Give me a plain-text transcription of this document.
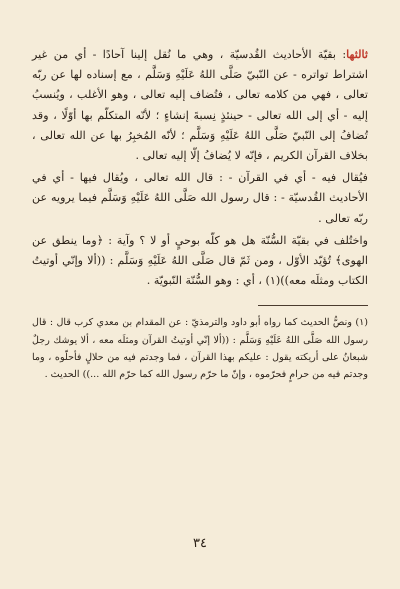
ثالثها: بقيّة الأحاديث القُدسيّة ، وهي ما نُقل إلينا آحادًا - أي من غير اشتراط تواتره - عن النّبيّ صَلَّى اللهُ عَلَيْهِ وَسَلَّم ، مع إسناده لها عن ربّه تعالى ، فهي من كلامه تعالى ، فتُضاف إليه تعالى ، وهو الأغلب ، ويُنسبُ إليه - أي إلى الله تعالى - حينئذٍ نِسبةَ إنشاءٍ ؛ لأنّه المتكلّم بها أوّلًا ، وقد تُضافُ إلى النّبيّ صَلَّى اللهُ عَلَيْهِ وَسَلَّم ؛ لأنّه المُخبِرُ بها عن الله تعالى ، بخلاف القرآن الكريم ، فإنّه لا يُضافُ إلّا إليه تعالى .

فيُقال فيه - أي في القرآن - : قال الله تعالى ، ويُقال فيها - أي في الأحاديث القُدسيّة - : قال رسول الله صَلَّى اللهُ عَلَيْهِ وَسَلَّم فيما يرويه عن ربّه تعالى .

واختُلف في بقيّة السُّنّة هل هو كلّه بوحيٍ أو لا ؟ وآية : ﴿وما ينطق عن الهوى﴾ تُؤيّد الأوّل ، ومن ثَمّ قال صَلَّى اللهُ عَلَيْهِ وَسَلَّم : ((ألا وإنّي أوتيتُ الكتاب ومثلَه معه))(١) ، أي : وهو السُّنّة النّبويّة .

(١) ونصُّ الحديث كما رواه أبو داود والترمذيّ : عن المقدام بن معدي كرب قال : قال رسول الله صَلَّى اللهُ عَلَيْهِ وَسَلَّم : ((ألا إنّي أوتيتُ القرآن ومثلَه معه ، ألا يوشك رجلٌ شبعانُ على أريكته يقول : عليكم بهذا القرآن ، فما وجدتم فيه من حلالٍ فأحلّوه ، وما وجدتم فيه من حرامٍ فحرّموه ، وإنّ ما حرّم رسول الله كما حرّم الله ...)) الحديث .

٣٤
